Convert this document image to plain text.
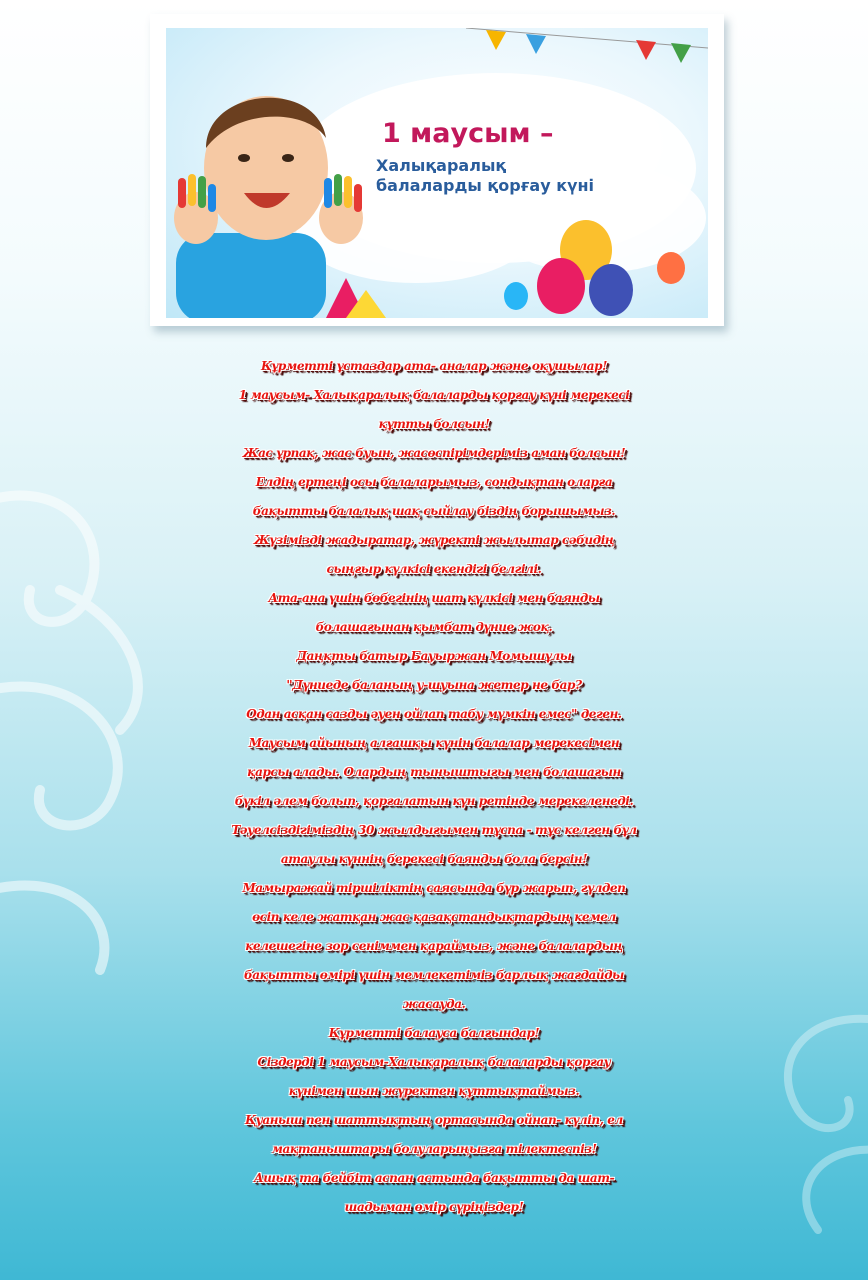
1 маусым –

Халықаралық

балаларды қорғау күні

Құрметті ұстаздар ата- аналар және оқушылар!
1 маусым- Халықаралық балаларды қорғау күні мерекесі
құтты болсын!
Жас ұрпақ, жас буын, жасөспірімдеріміз аман болсын!
Елдің ертеңі осы балаларымыз, сондықтан оларға
бақытты балалық шақ сыйлау біздің борышымыз.
Жүзімізді жадыратар, жүректі жылытар сәбидің
сыңғыр күлкісі екендігі белгілі.
Ата-ана үшін бөбегінің шат күлкісі мен баянды
болашағынан қымбат дүние жоқ.
Даңқты батыр Бауыржан Момышұлы
"Дүниеде баланың у-шуына жетер не бар?
Одан асқан сазды әуен ойлап табу мүмкін емес" деген.
Маусым айының алғашқы күнін балалар мерекесімен
қарсы алады. Олардың тыныштығы мен болашағын
бүкіл әлем болып, қорғалатын күн ретінде мерекеленеді.
Тәуелсіздігіміздің 30 жылдығымен тұспа - тұс келген бұл
атаулы күннің берекесі баянды бола берсін!
Мамыражай тіршіліктің саясында бүр жарып, гүлдеп
өсіп келе жатқан жас қазақстандықтардың кемел
келешегіне зор сеніммен қараймыз, және балалардың
бақытты өмірі үшін мемлекетіміз барлық жағдайды
жасауда.
Құрметті балауса балғындар!
Сіздерді 1 маусым-Халықаралық балаларды қорғау
күнімен шын жүректен құттықтаймыз.
Қуаныш пен шаттықтың ортасында ойнап- күліп, ел
мақтаныштары болуларыңызға тілектеспіз!
Ашық та бейбіт аспан астында бақытты да шат-
шадыман өмір сүріңіздер!
